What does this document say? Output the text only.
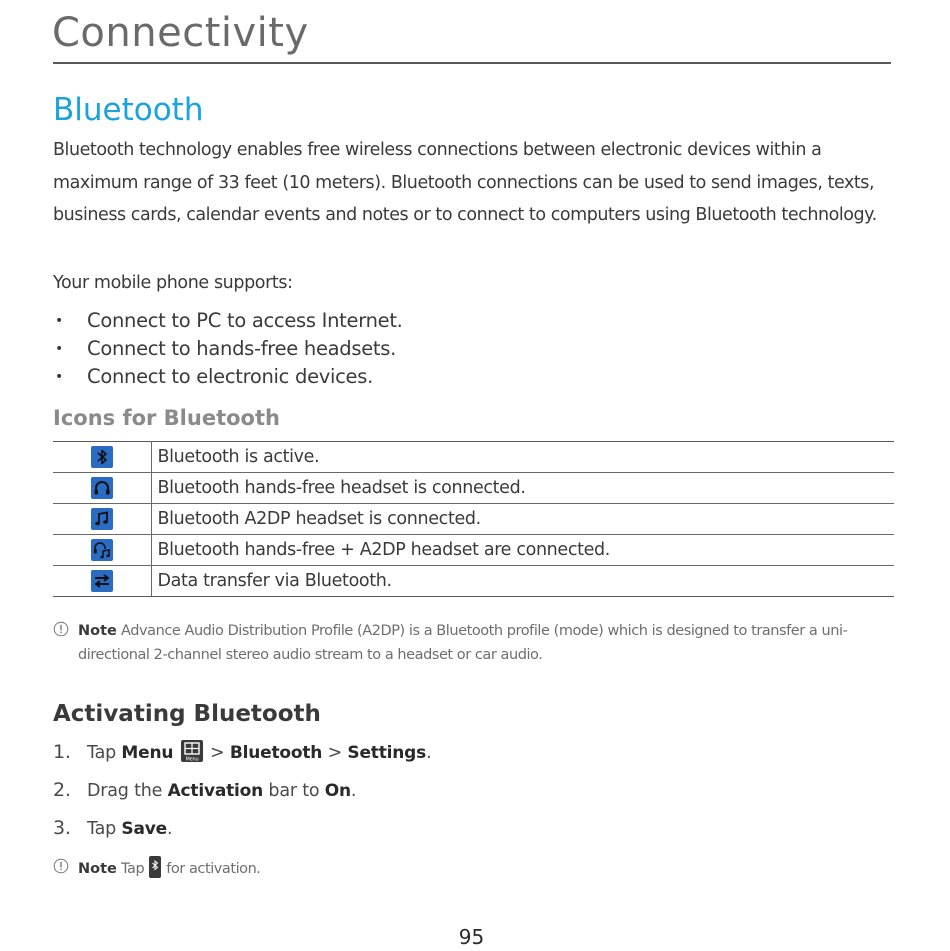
Connectivity
Bluetooth

Bluetooth technology enables free wireless connections between electronic devices within a maximum range of 33 feet (10 meters). Bluetooth connections can be used to send images, texts, business cards, calendar events and notes or to connect to computers using Bluetooth technology.

Your mobile phone supports:

• Connect to PC to access Internet.
• Connect to hands-free headsets.
• Connect to electronic devices.
Icons for Bluetooth
	Bluetooth is active.

	Bluetooth hands-free headset is connected.

	Bluetooth A2DP headset is connected.

	Bluetooth hands-free + A2DP headset are connected.

	Data transfer via Bluetooth.
Note Advance Audio Distribution Profile (A2DP) is a Bluetooth profile (mode) which is designed to transfer a uni-directional 2-channel stereo audio stream to a headset or car audio.
Activating Bluetooth
1. Tap Menu Menu > Bluetooth > Settings.
2. Drag the Activation bar to On.
3. Tap Save.
Note Tap for activation.
95
